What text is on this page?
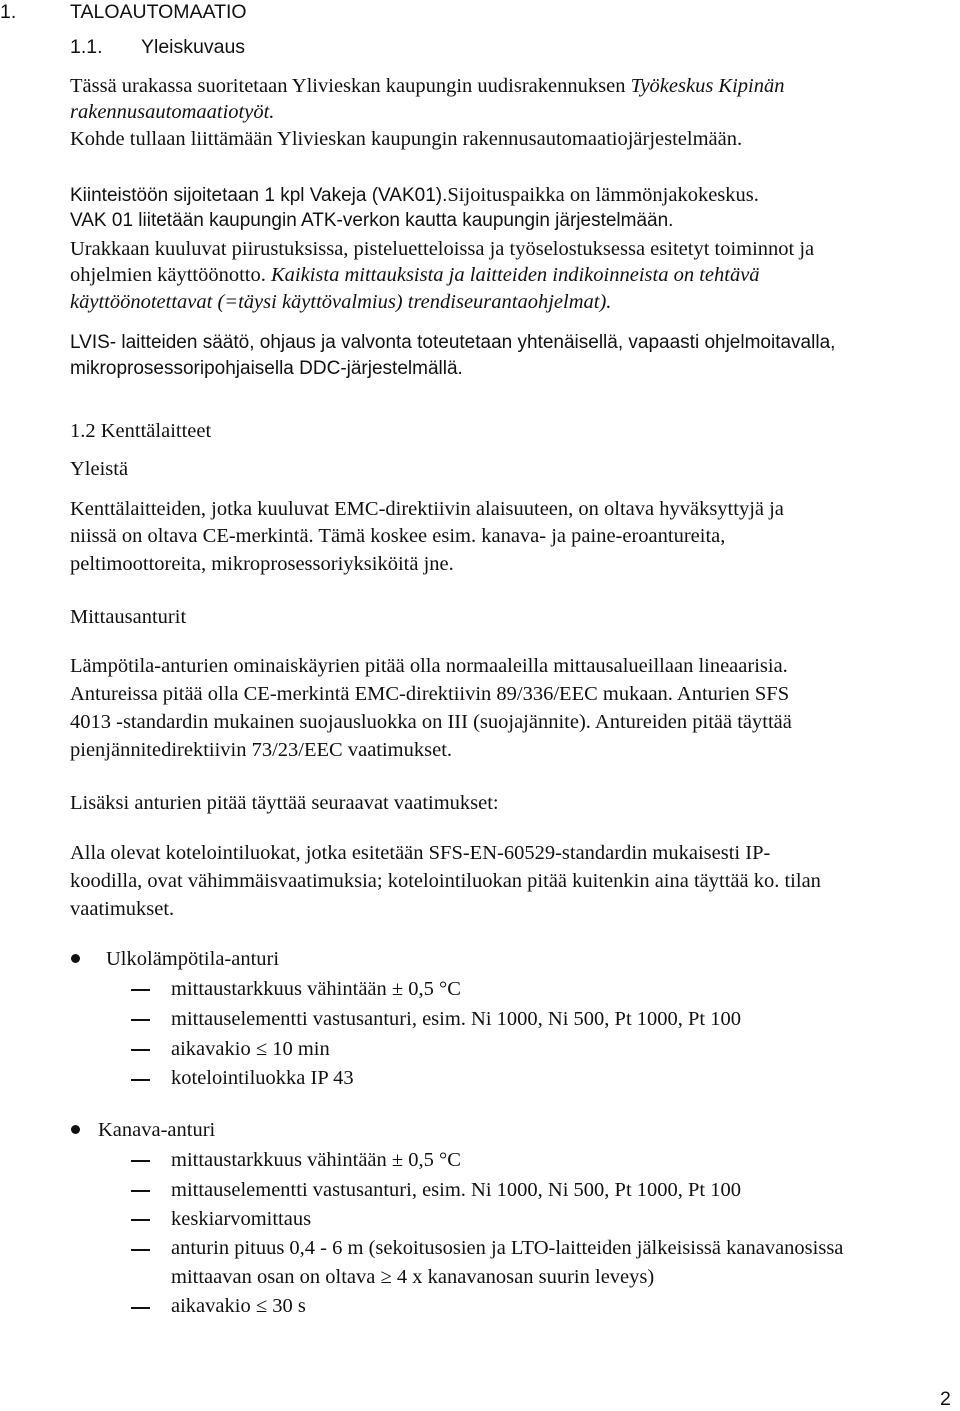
1.	TALOAUTOMAATIO
1.1. Yleiskuvaus
Tässä urakassa suoritetaan Ylivieskan kaupungin uudisrakennuksen Työkeskus Kipinän
rakennusautomaatiotyöt.
Kohde tullaan liittämään Ylivieskan kaupungin rakennusautomaatiojärjestelmään.
Kiinteistöön sijoitetaan 1 kpl Vakeja (VAK01).Sijoituspaikka on lämmönjakokeskus.
VAK 01 liitetään kaupungin ATK-verkon kautta kaupungin järjestelmään.
Urakkaan kuuluvat piirustuksissa, pisteluetteloissa ja työselostuksessa esitetyt toiminnot ja
ohjelmien käyttöönotto. Kaikista mittauksista ja laitteiden indikoinneista on tehtävä
käyttöönotettavat (=täysi käyttövalmius) trendiseurantaohjelmat).
LVIS- laitteiden säätö, ohjaus ja valvonta toteutetaan yhtenäisellä, vapaasti ohjelmoitavalla,
mikroprosessoripohjaisella DDC-järjestelmällä.
1.2 Kenttälaitteet
Yleistä
Kenttälaitteiden, jotka kuuluvat EMC-direktiivin alaisuuteen, on oltava hyväksyttyjä ja
niissä on oltava CE-merkintä. Tämä koskee esim. kanava- ja paine-eroantureita,
peltimoottoreita, mikroprosessoriyksiköitä jne.
Mittausanturit
Lämpötila-anturien ominaiskäyrien pitää olla normaaleilla mittausalueillaan lineaarisia.
Antureissa pitää olla CE-merkintä EMC-direktiivin 89/336/EEC mukaan. Anturien SFS
4013 -standardin mukainen suojausluokka on III (suojajännite). Antureiden pitää täyttää
pienjännitedirektiivin 73/23/EEC vaatimukset.
Lisäksi anturien pitää täyttää seuraavat vaatimukset:
Alla olevat kotelointiluokat, jotka esitetään SFS-EN-60529-standardin mukaisesti IP-
koodilla, ovat vähimmäisvaatimuksia; kotelointiluokan pitää kuitenkin aina täyttää ko. tilan
vaatimukset.
Ulkolämpötila-anturi
mittaustarkkuus vähintään ± 0,5 °C
mittauselementti vastusanturi, esim. Ni 1000, Ni 500, Pt 1000, Pt 100
aikavakio ≤ 10 min
kotelointiluokka IP 43
Kanava-anturi
mittaustarkkuus vähintään ± 0,5 °C
mittauselementti vastusanturi, esim. Ni 1000, Ni 500, Pt 1000, Pt 100
keskiarvomittaus
anturin pituus 0,4 - 6 m (sekoitusosien ja LTO-laitteiden jälkeisissä kanavanosissa
mittaavan osan on oltava ≥ 4 x kanavanosan suurin leveys)
aikavakio ≤ 30 s
2
